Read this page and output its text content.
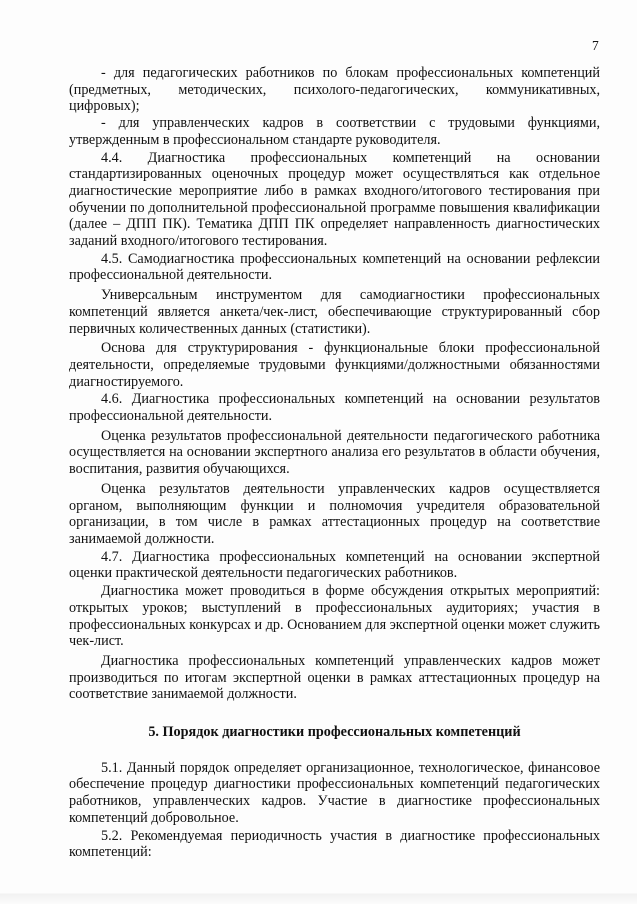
7

- для педагогических работников по блокам профессиональных компетенций (предметных, методических, психолого-педагогических, коммуникативных, цифровых);

- для управленческих кадров в соответствии с трудовыми функциями, утвержденным в профессиональном стандарте руководителя.

4.4. Диагностика профессиональных компетенций на основании стандартизированных оценочных процедур может осуществляться как отдельное диагностические мероприятие либо в рамках входного/итогового тестирования при обучении по дополнительной профессиональной программе повышения квалификации (далее – ДПП ПК). Тематика ДПП ПК определяет направленность диагностических заданий входного/итогового тестирования.

4.5. Самодиагностика профессиональных компетенций на основании рефлексии профессиональной деятельности.

Универсальным инструментом для самодиагностики профессиональных компетенций является анкета/чек-лист, обеспечивающие структурированный сбор первичных количественных данных (статистики).

Основа для структурирования - функциональные блоки профессиональной деятельности, определяемые трудовыми функциями/должностными обязанностями диагностируемого.

4.6. Диагностика профессиональных компетенций на основании результатов профессиональной деятельности.

Оценка результатов профессиональной деятельности педагогического работника осуществляется на основании экспертного анализа его результатов в области обучения, воспитания, развития обучающихся.

Оценка результатов деятельности управленческих кадров осуществляется органом, выполняющим функции и полномочия учредителя образовательной организации, в том числе в рамках аттестационных процедур на соответствие занимаемой должности.

4.7. Диагностика профессиональных компетенций на основании экспертной оценки практической деятельности педагогических работников.

Диагностика может проводиться в форме обсуждения открытых мероприятий: открытых уроков; выступлений в профессиональных аудиториях; участия в профессиональных конкурсах и др. Основанием для экспертной оценки может служить чек-лист.

Диагностика профессиональных компетенций управленческих кадров может производиться по итогам экспертной оценки в рамках аттестационных процедур на соответствие занимаемой должности.

5. Порядок диагностики профессиональных компетенций

5.1. Данный порядок определяет организационное, технологическое, финансовое обеспечение процедур диагностики профессиональных компетенций педагогических работников, управленческих кадров. Участие в диагностике профессиональных компетенций добровольное.

5.2. Рекомендуемая периодичность участия в диагностике профессиональных компетенций:
